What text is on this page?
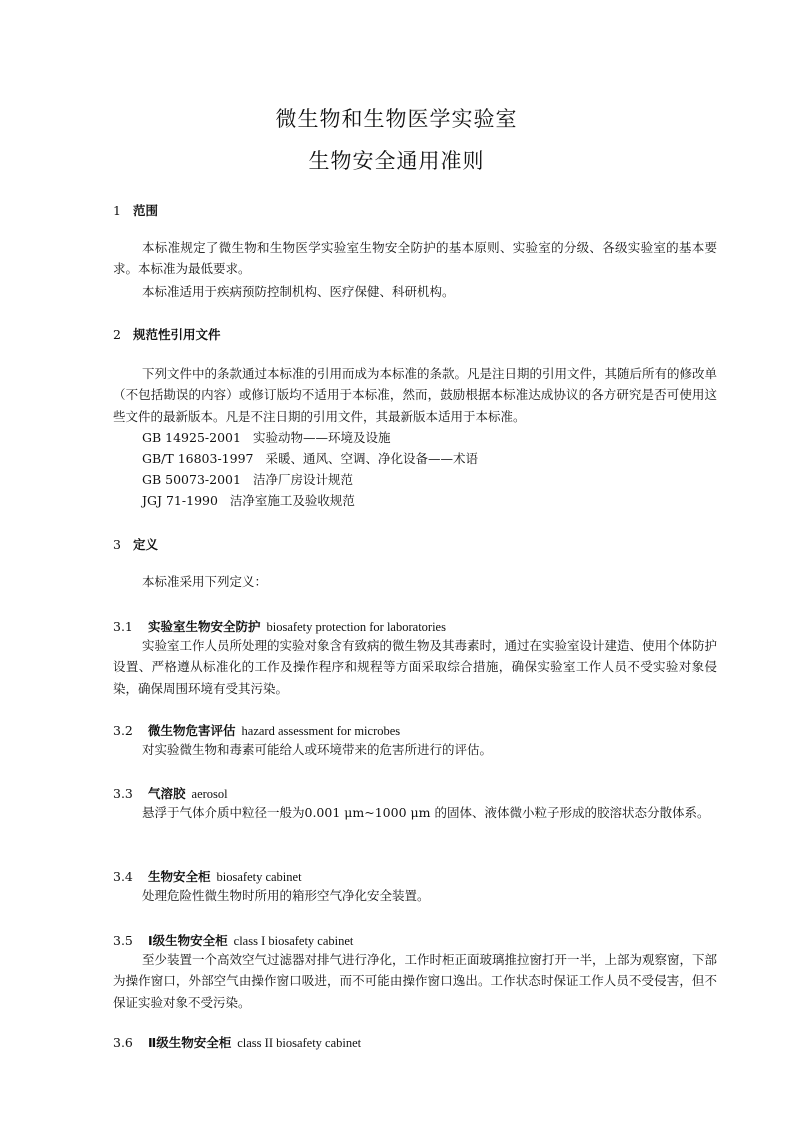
微生物和生物医学实验室
生物安全通用准则
1 范围
本标准规定了微生物和生物医学实验室生物安全防护的基本原则、实验室的分级、各级实验室的基本要求。本标准为最低要求。
本标准适用于疾病预防控制机构、医疗保健、科研机构。
2 规范性引用文件
下列文件中的条款通过本标准的引用而成为本标准的条款。凡是注日期的引用文件，其随后所有的修改单（不包括勘误的内容）或修订版均不适用于本标准，然而，鼓励根据本标准达成协议的各方研究是否可使用这些文件的最新版本。凡是不注日期的引用文件，其最新版本适用于本标准。
GB 14925-2001 实验动物——环境及设施
GB/T 16803-1997 采暖、通风、空调、净化设备——术语
GB 50073-2001 洁净厂房设计规范
JGJ 71-1990 洁净室施工及验收规范
3 定义
本标准采用下列定义：
3.1 实验室生物安全防护 biosafety protection for laboratories
实验室工作人员所处理的实验对象含有致病的微生物及其毒素时，通过在实验室设计建造、使用个体防护设置、严格遵从标准化的工作及操作程序和规程等方面采取综合措施，确保实验室工作人员不受实验对象侵染，确保周围环境有受其污染。
3.2 微生物危害评估 hazard assessment for microbes
对实验微生物和毒素可能给人或环境带来的危害所进行的评估。
3.3 气溶胶 aerosol
悬浮于气体介质中粒径一般为0.001 μm~1000 μm 的固体、液体微小粒子形成的胶溶状态分散体系。
3.4 生物安全柜 biosafety cabinet
处理危险性微生物时所用的箱形空气净化安全装置。
3.5 Ⅰ级生物安全柜 class I biosafety cabinet
至少装置一个高效空气过滤器对排气进行净化，工作时柜正面玻璃推拉窗打开一半，上部为观察窗，下部为操作窗口，外部空气由操作窗口吸进，而不可能由操作窗口逸出。工作状态时保证工作人员不受侵害，但不保证实验对象不受污染。
3.6 Ⅱ级生物安全柜 class II biosafety cabinet
